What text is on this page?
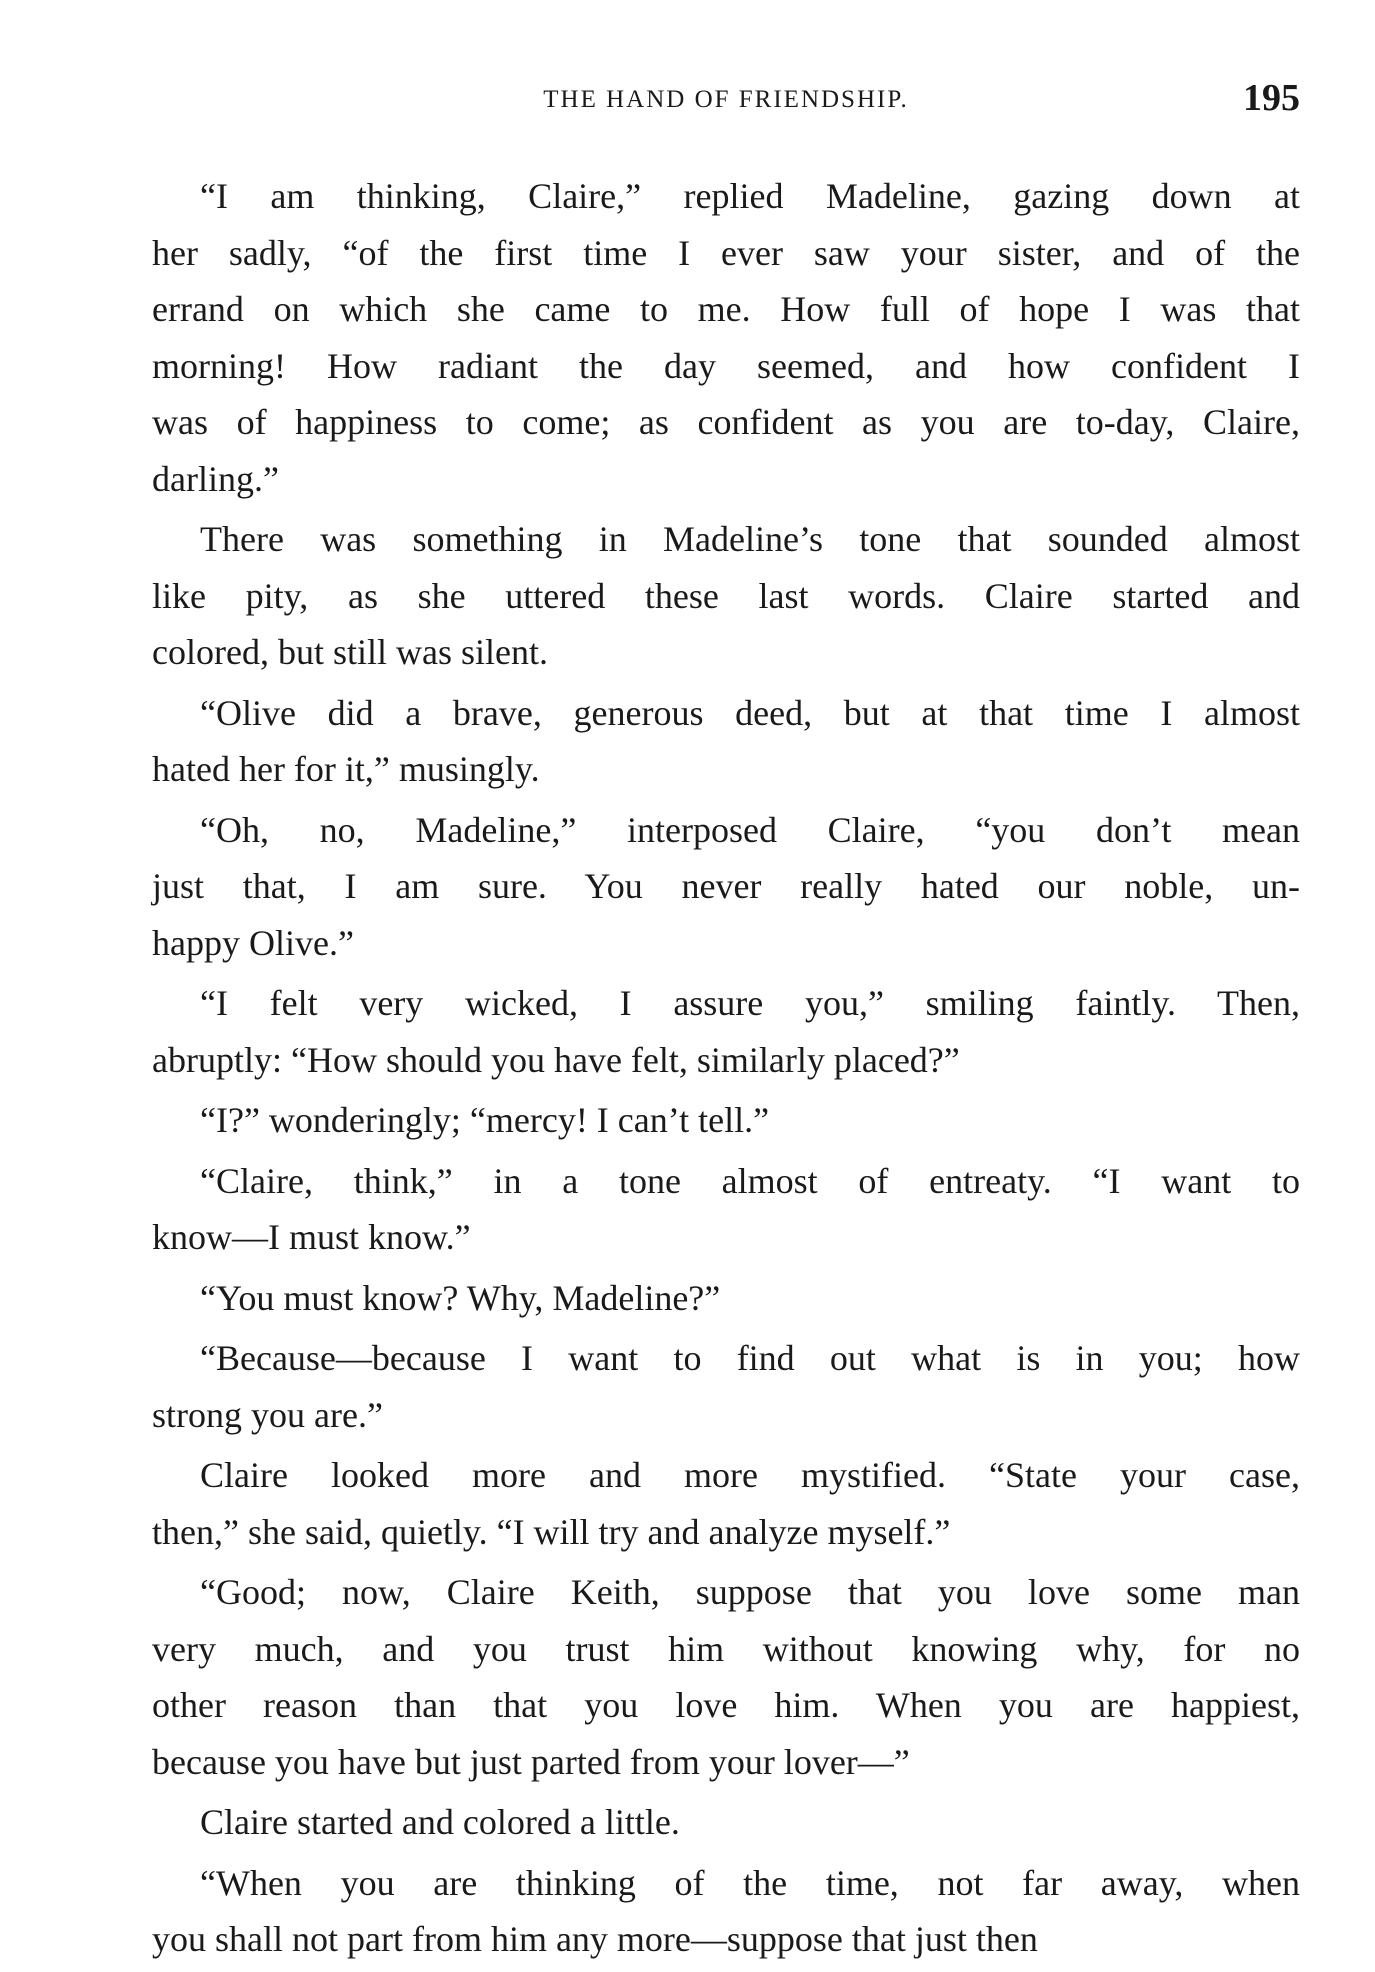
THE HAND OF FRIENDSHIP.	195
“I am thinking, Claire,” replied Madeline, gazing down at
her sadly, “of the first time I ever saw your sister, and of the
errand on which she came to me. How full of hope I was that
morning! How radiant the day seemed, and how confident I
was of happiness to come; as confident as you are to-day, Claire,
darling.”
There was something in Madeline’s tone that sounded almost
like pity, as she uttered these last words. Claire started and
colored, but still was silent.
“Olive did a brave, generous deed, but at that time I almost
hated her for it,” musingly.
“Oh, no, Madeline,” interposed Claire, “you don’t mean
just that, I am sure. You never really hated our noble, un-
happy Olive.”
“I felt very wicked, I assure you,” smiling faintly. Then,
abruptly: “How should you have felt, similarly placed?”
“I?” wonderingly; “mercy! I can’t tell.”
“Claire, think,” in a tone almost of entreaty. “I want to
know—I must know.”
“You must know? Why, Madeline?”
“Because—because I want to find out what is in you; how
strong you are.”
Claire looked more and more mystified. “State your case,
then,” she said, quietly. “I will try and analyze myself.”
“Good; now, Claire Keith, suppose that you love some man
very much, and you trust him without knowing why, for no
other reason than that you love him. When you are happiest,
because you have but just parted from your lover—”
Claire started and colored a little.
“When you are thinking of the time, not far away, when
you shall not part from him any more—suppose that just then
